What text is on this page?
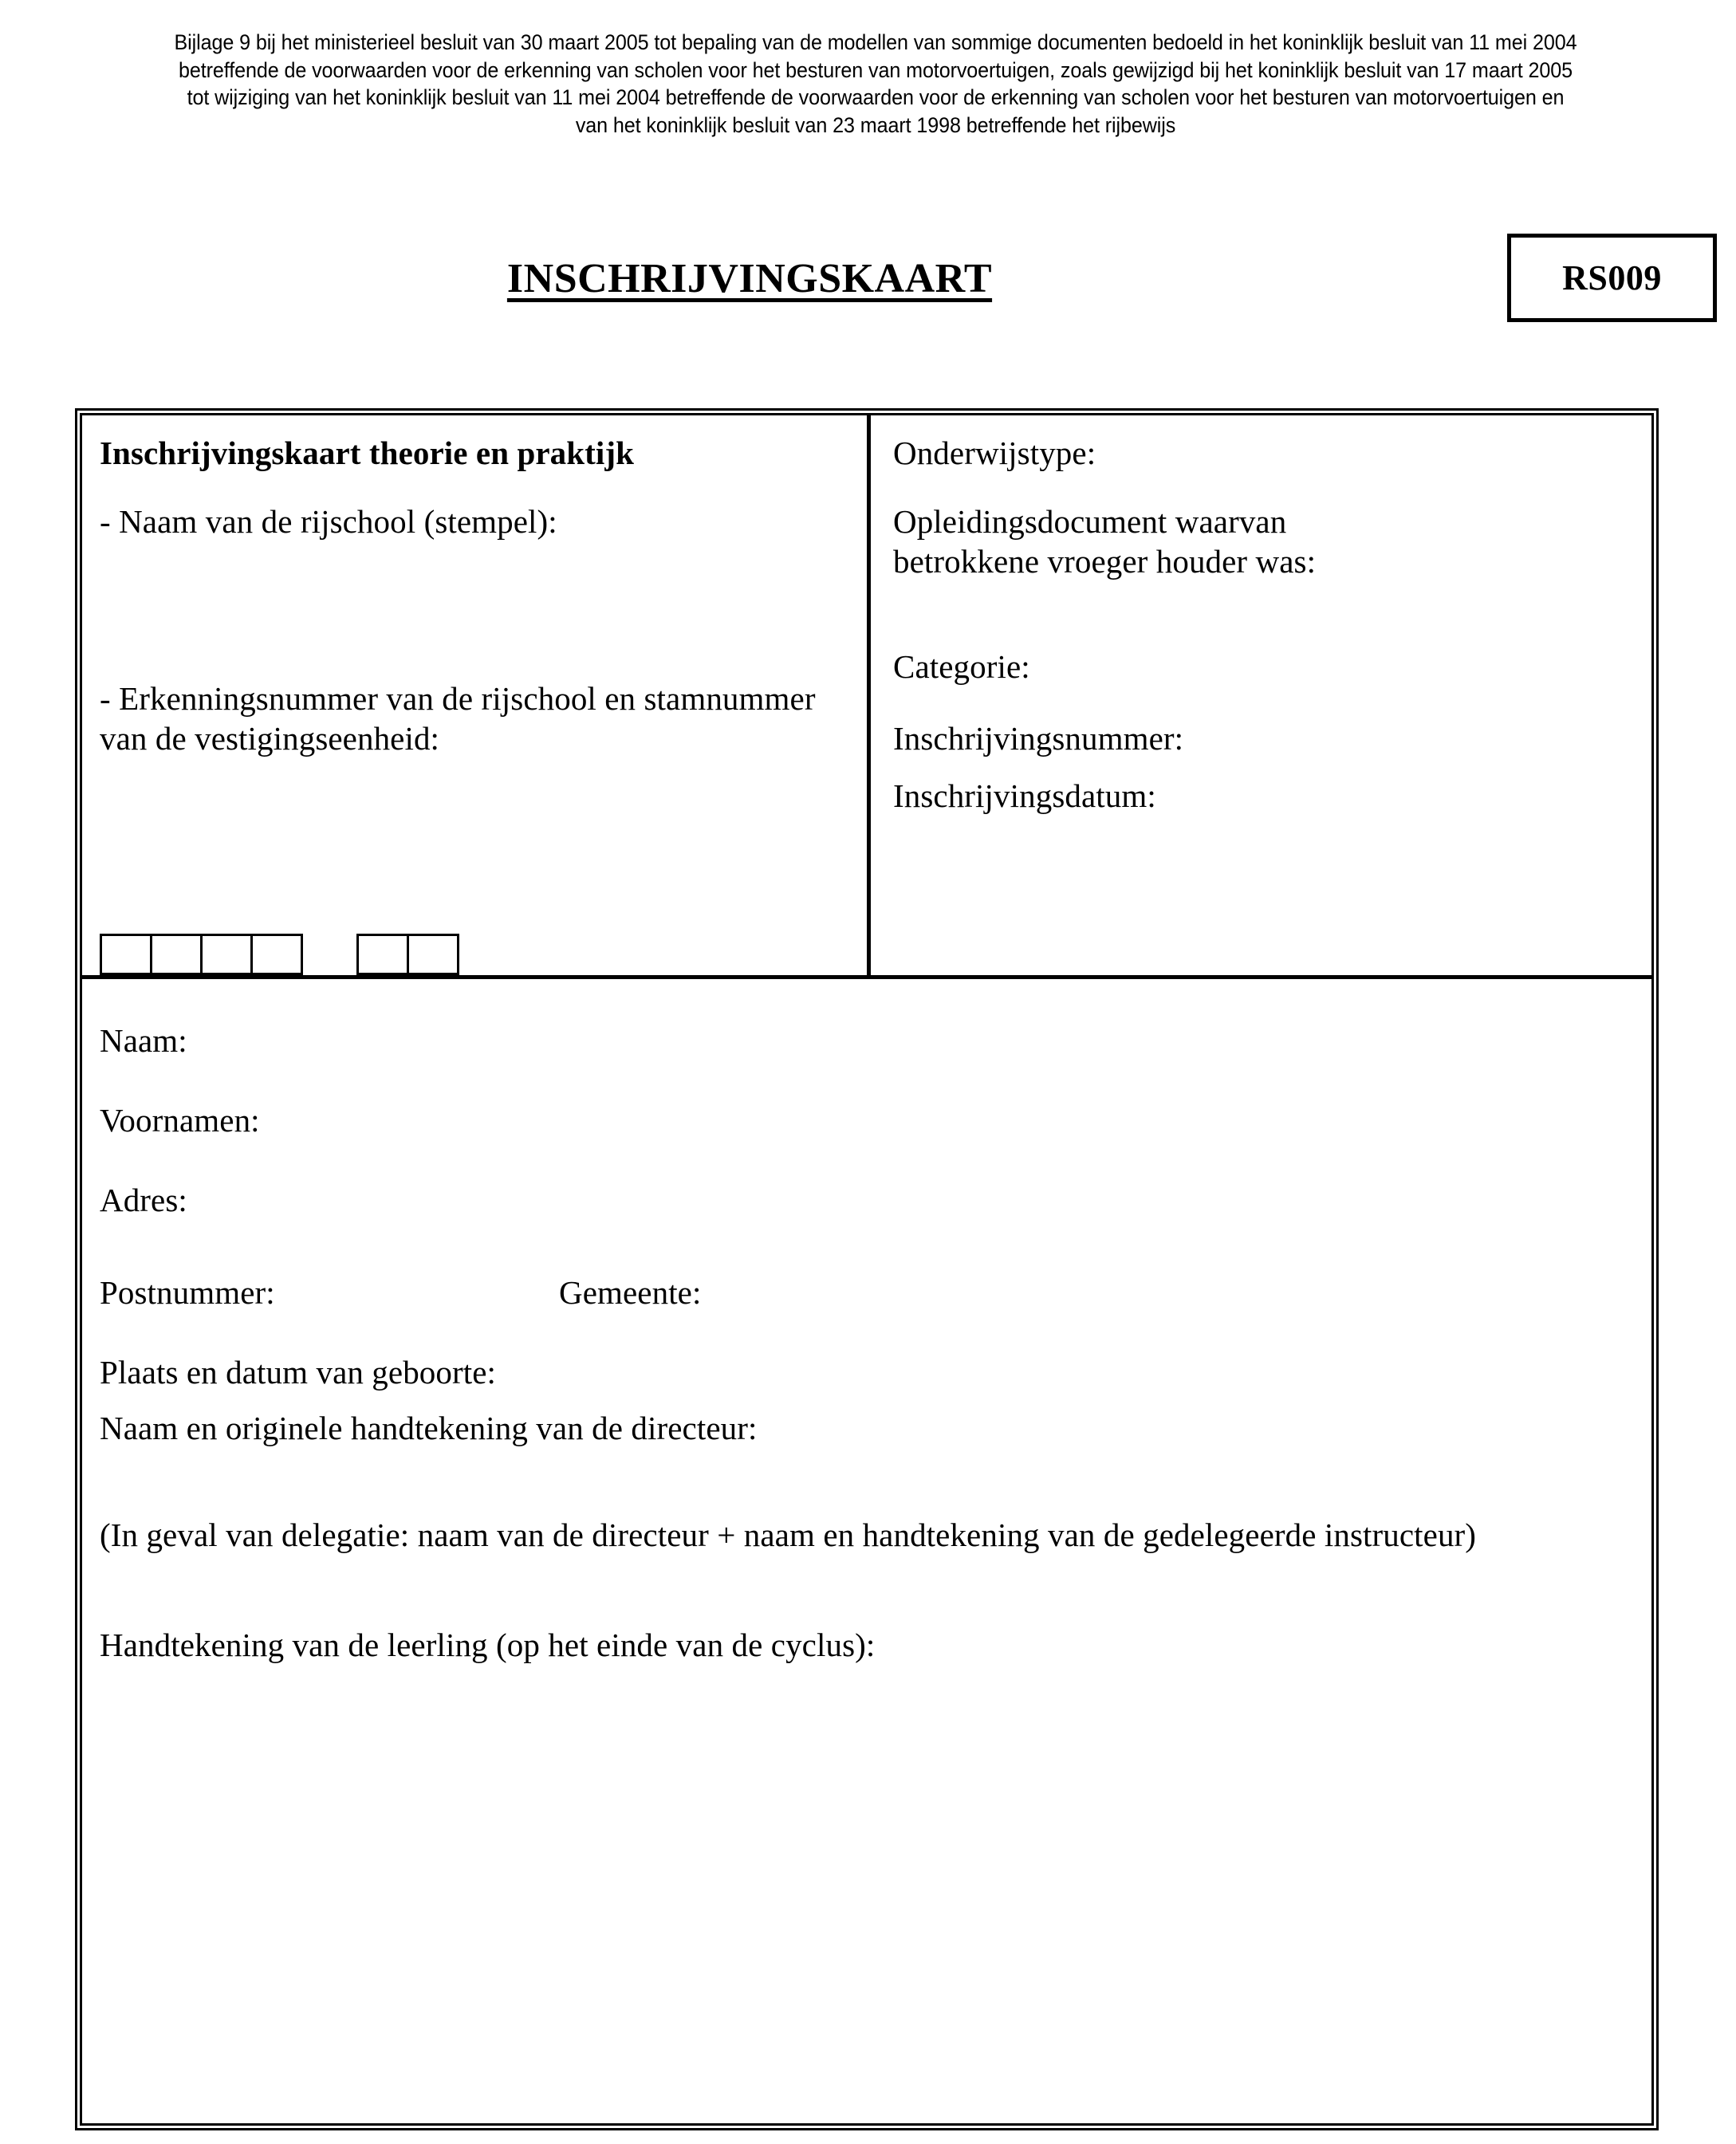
Bijlage 9 bij het ministerieel besluit van 30 maart 2005 tot bepaling van de modellen van sommige documenten bedoeld in het koninklijk besluit van 11 mei 2004 betreffende de voorwaarden voor de erkenning van scholen voor het besturen van motorvoertuigen, zoals gewijzigd bij het koninklijk besluit van 17 maart 2005 tot wijziging van het koninklijk besluit van 11 mei 2004 betreffende de voorwaarden voor de erkenning van scholen voor het besturen van motorvoertuigen en van het koninklijk besluit van 23 maart 1998 betreffende het rijbewijs
INSCHRIJVINGSKAART	RS009
Inschrijvingskaart theorie en praktijk
- Naam van de rijschool (stempel):
- Erkenningsnummer van de rijschool en stamnummer van de vestigingseenheid:
Onderwijstype:
Opleidingsdocument waarvan betrokkene vroeger houder was:
Categorie:
Inschrijvingsnummer:
Inschrijvingsdatum:
Naam:
Voornamen:
Adres:
Postnummer:	Gemeente:
Plaats en datum van geboorte:
Naam en originele handtekening van de directeur:
(In geval van delegatie: naam van de directeur + naam en handtekening van de gedelegeerde instructeur)
Handtekening van de leerling (op het einde van de cyclus):
